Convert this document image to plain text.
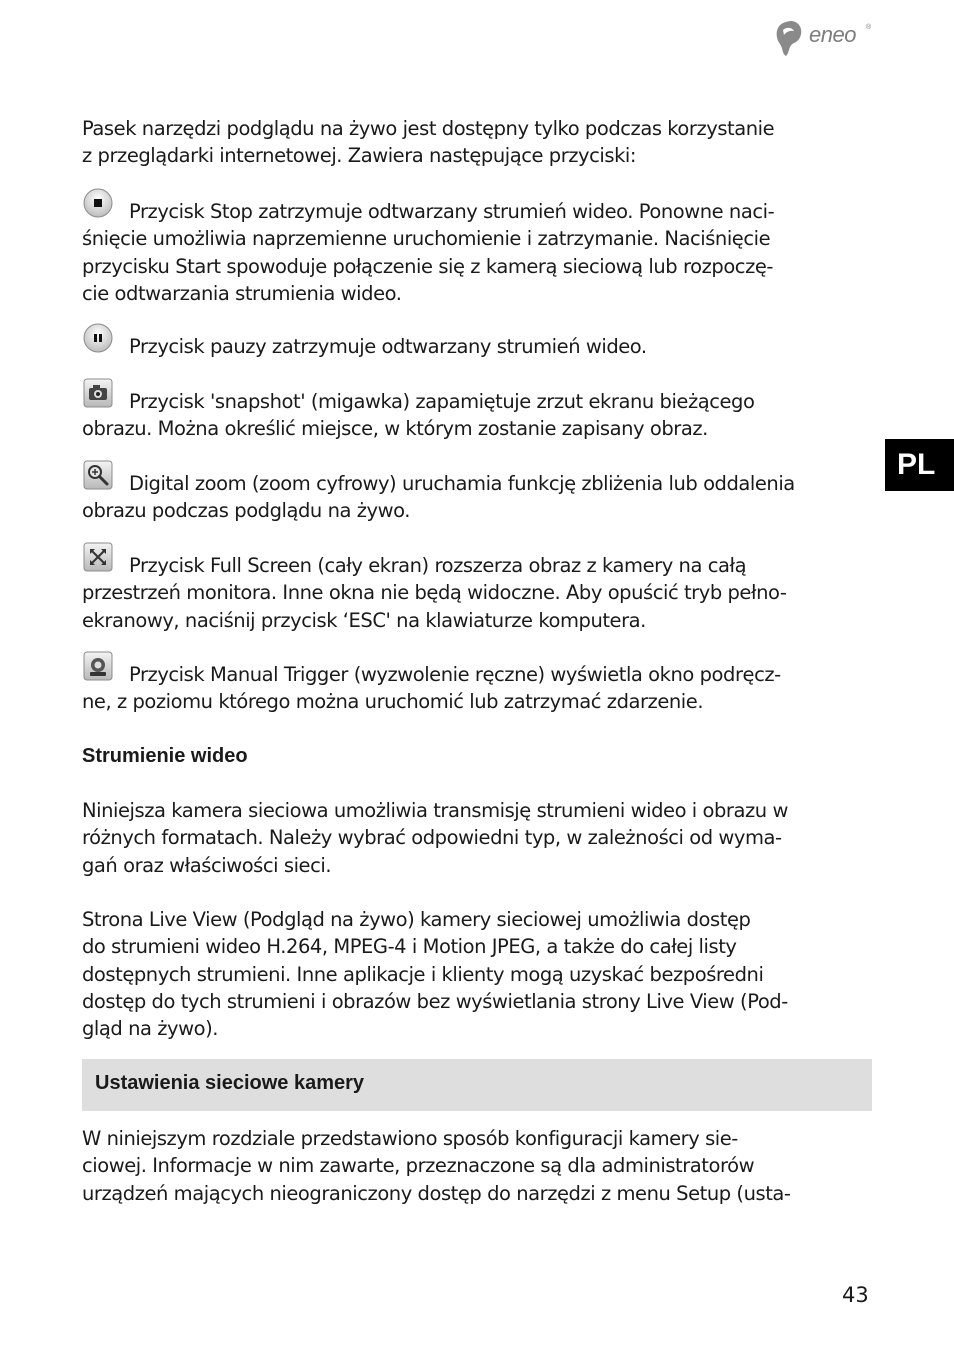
eneo ®
PL

Pasek narzędzi podglądu na żywo jest dostępny tylko podczas korzystanie
z przeglądarki internetowej. Zawiera następujące przyciski:

Przycisk Stop zatrzymuje odtwarzany strumień wideo. Ponowne naci-
śnięcie umożliwia naprzemienne uruchomienie i zatrzymanie. Naciśnięcie
przycisku Start spowoduje połączenie się z kamerą sieciową lub rozpoczę-
cie odtwarzania strumienia wideo.

Przycisk pauzy zatrzymuje odtwarzany strumień wideo.

Przycisk 'snapshot' (migawka) zapamiętuje zrzut ekranu bieżącego
obrazu. Można określić miejsce, w którym zostanie zapisany obraz.

Digital zoom (zoom cyfrowy) uruchamia funkcję zbliżenia lub oddalenia
obrazu podczas podglądu na żywo.

Przycisk Full Screen (cały ekran) rozszerza obraz z kamery na całą
przestrzeń monitora. Inne okna nie będą widoczne. Aby opuścić tryb pełno-
ekranowy, naciśnij przycisk ‘ESC' na klawiaturze komputera.

Przycisk Manual Trigger (wyzwolenie ręczne) wyświetla okno podręcz-
ne, z poziomu którego można uruchomić lub zatrzymać zdarzenie.

Strumienie wideo

Niniejsza kamera sieciowa umożliwia transmisję strumieni wideo i obrazu w
różnych formatach. Należy wybrać odpowiedni typ, w zależności od wyma-
gań oraz właściwości sieci.

Strona Live View (Podgląd na żywo) kamery sieciowej umożliwia dostęp
do strumieni wideo H.264, MPEG-4 i Motion JPEG, a także do całej listy
dostępnych strumieni. Inne aplikacje i klienty mogą uzyskać bezpośredni
dostęp do tych strumieni i obrazów bez wyświetlania strony Live View (Pod-
gląd na żywo).

Ustawienia sieciowe kamery

W niniejszym rozdziale przedstawiono sposób konfiguracji kamery sie-
ciowej. Informacje w nim zawarte, przeznaczone są dla administratorów
urządzeń mających nieograniczony dostęp do narzędzi z menu Setup (usta-

43
